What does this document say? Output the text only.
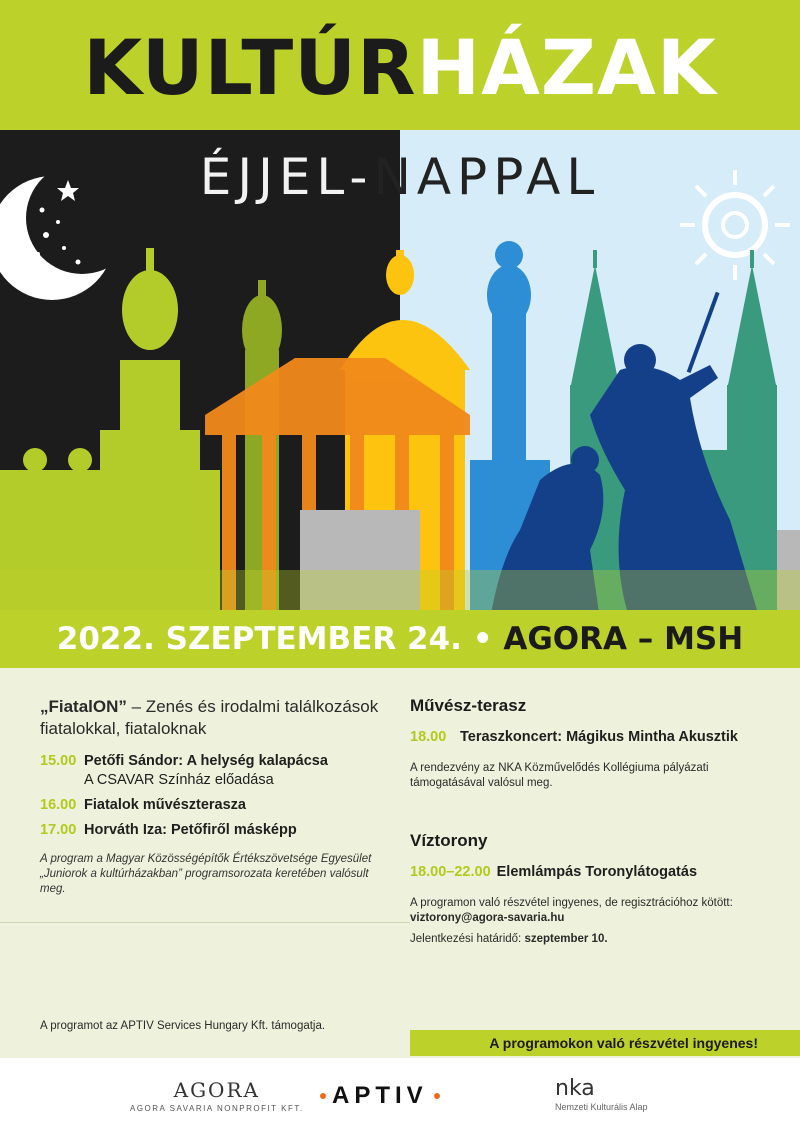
KULTÚRHÁZAK
ÉJJEL-NAPPAL
2022. SZEPTEMBER 24. • AGORA – MSH

„FiatalON” – Zenés és irodalmi találkozások fiatalokkal, fiataloknak

15.00 Petőfi Sándor: A helység kalapácsa
A CSAVAR Színház előadása
16.00 Fiatalok művészterasza
17.00 Horváth Iza: Petőfiről másképp
A program a Magyar Közösségépítők Értékszövetsége Egyesület „Juniorok a kultúrházakban” programsorozata keretében valósult meg.
Művész-terasz
18.00 Teraszkoncert: Mágikus Mintha Akusztik

A rendezvény az NKA Közművelődés Kollégiuma pályázati támogatásával valósul meg.

Víztorony
18.00–22.00 Elemlámpás Toronylátogatás

A programon való részvétel ingyenes, de regisztrációhoz kötött: viztorony@agora-savaria.hu

Jelentkezési határidő: szeptember 10.

A programot az APTIV Services Hungary Kft. támogatja.
A programokon való részvétel ingyenes!
AGORA
AGORA SAVARIA NONPROFIT KFT. APTIV	nka
Nemzeti Kulturális Alap
